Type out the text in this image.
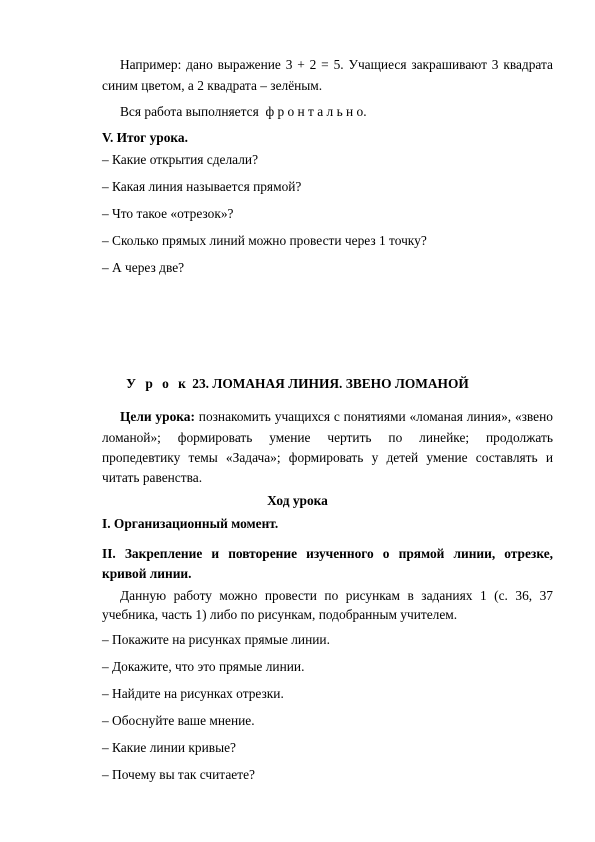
Например: дано выражение 3 + 2 = 5. Учащиеся закрашивают 3 квадрата
синим цветом, а 2 квадрата – зелёным.
Вся работа выполняется ф р о н т а л ь н о.
V. Итог урока.
– Какие открытия сделали?
– Какая линия называется прямой?
– Что такое «отрезок»?
– Сколько прямых линий можно провести через 1 точку?
– А через две?
У р о к 23. ЛОМАНАЯ ЛИНИЯ. ЗВЕНО ЛОМАНОЙ
Цели урока: познакомить учащихся с понятиями «ломаная линия», «звено
ломаной»; формировать умение чертить по линейке; продолжать
пропедевтику темы «Задача»; формировать у детей умение составлять и
читать равенства.
Ход урока
I. Организационный момент.
II. Закрепление и повторение изученного о прямой линии, отрезке,
кривой линии.
Данную работу можно провести по рисункам в заданиях 1 (с. 36, 37
учебника, часть 1) либо по рисункам, подобранным учителем.
– Покажите на рисунках прямые линии.
– Докажите, что это прямые линии.
– Найдите на рисунках отрезки.
– Обоснуйте ваше мнение.
– Какие линии кривые?
– Почему вы так считаете?
